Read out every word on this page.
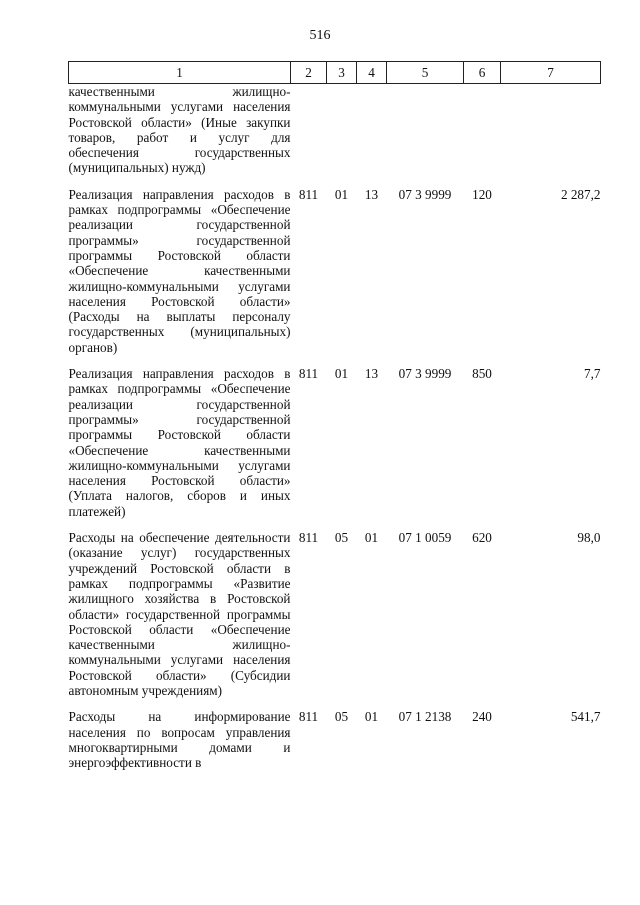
516
1	2	3	4	5	6	7
качественными жилищно-коммунальными услугами населения Ростовской области» (Иные закупки товаров, работ и услуг для обеспечения государственных (муниципальных) нужд)						

Реализация направления расходов в рамках подпрограммы «Обеспечение реализации государственной программы» государственной программы Ростовской области «Обеспечение качественными жилищно-коммунальными услугами населения Ростовской области» (Расходы на выплаты персоналу государственных (муниципальных) органов)	811	01	13	07 3 9999	120	2 287,2

Реализация направления расходов в рамках подпрограммы «Обеспечение реализации государственной программы» государственной программы Ростовской области «Обеспечение качественными жилищно-коммунальными услугами населения Ростовской области» (Уплата налогов, сборов и иных платежей)	811	01	13	07 3 9999	850	7,7

Расходы на обеспечение деятельности (оказание услуг) государственных учреждений Ростовской области в рамках подпрограммы «Развитие жилищного хозяйства в Ростовской области» государственной программы Ростовской области «Обеспечение качественными жилищно-коммунальными услугами населения Ростовской области» (Субсидии автономным учреждениям)	811	05	01	07 1 0059	620	98,0

Расходы на информирование населения по вопросам управления многоквартирными домами и энергоэффективности в	811	05	01	07 1 2138	240	541,7
